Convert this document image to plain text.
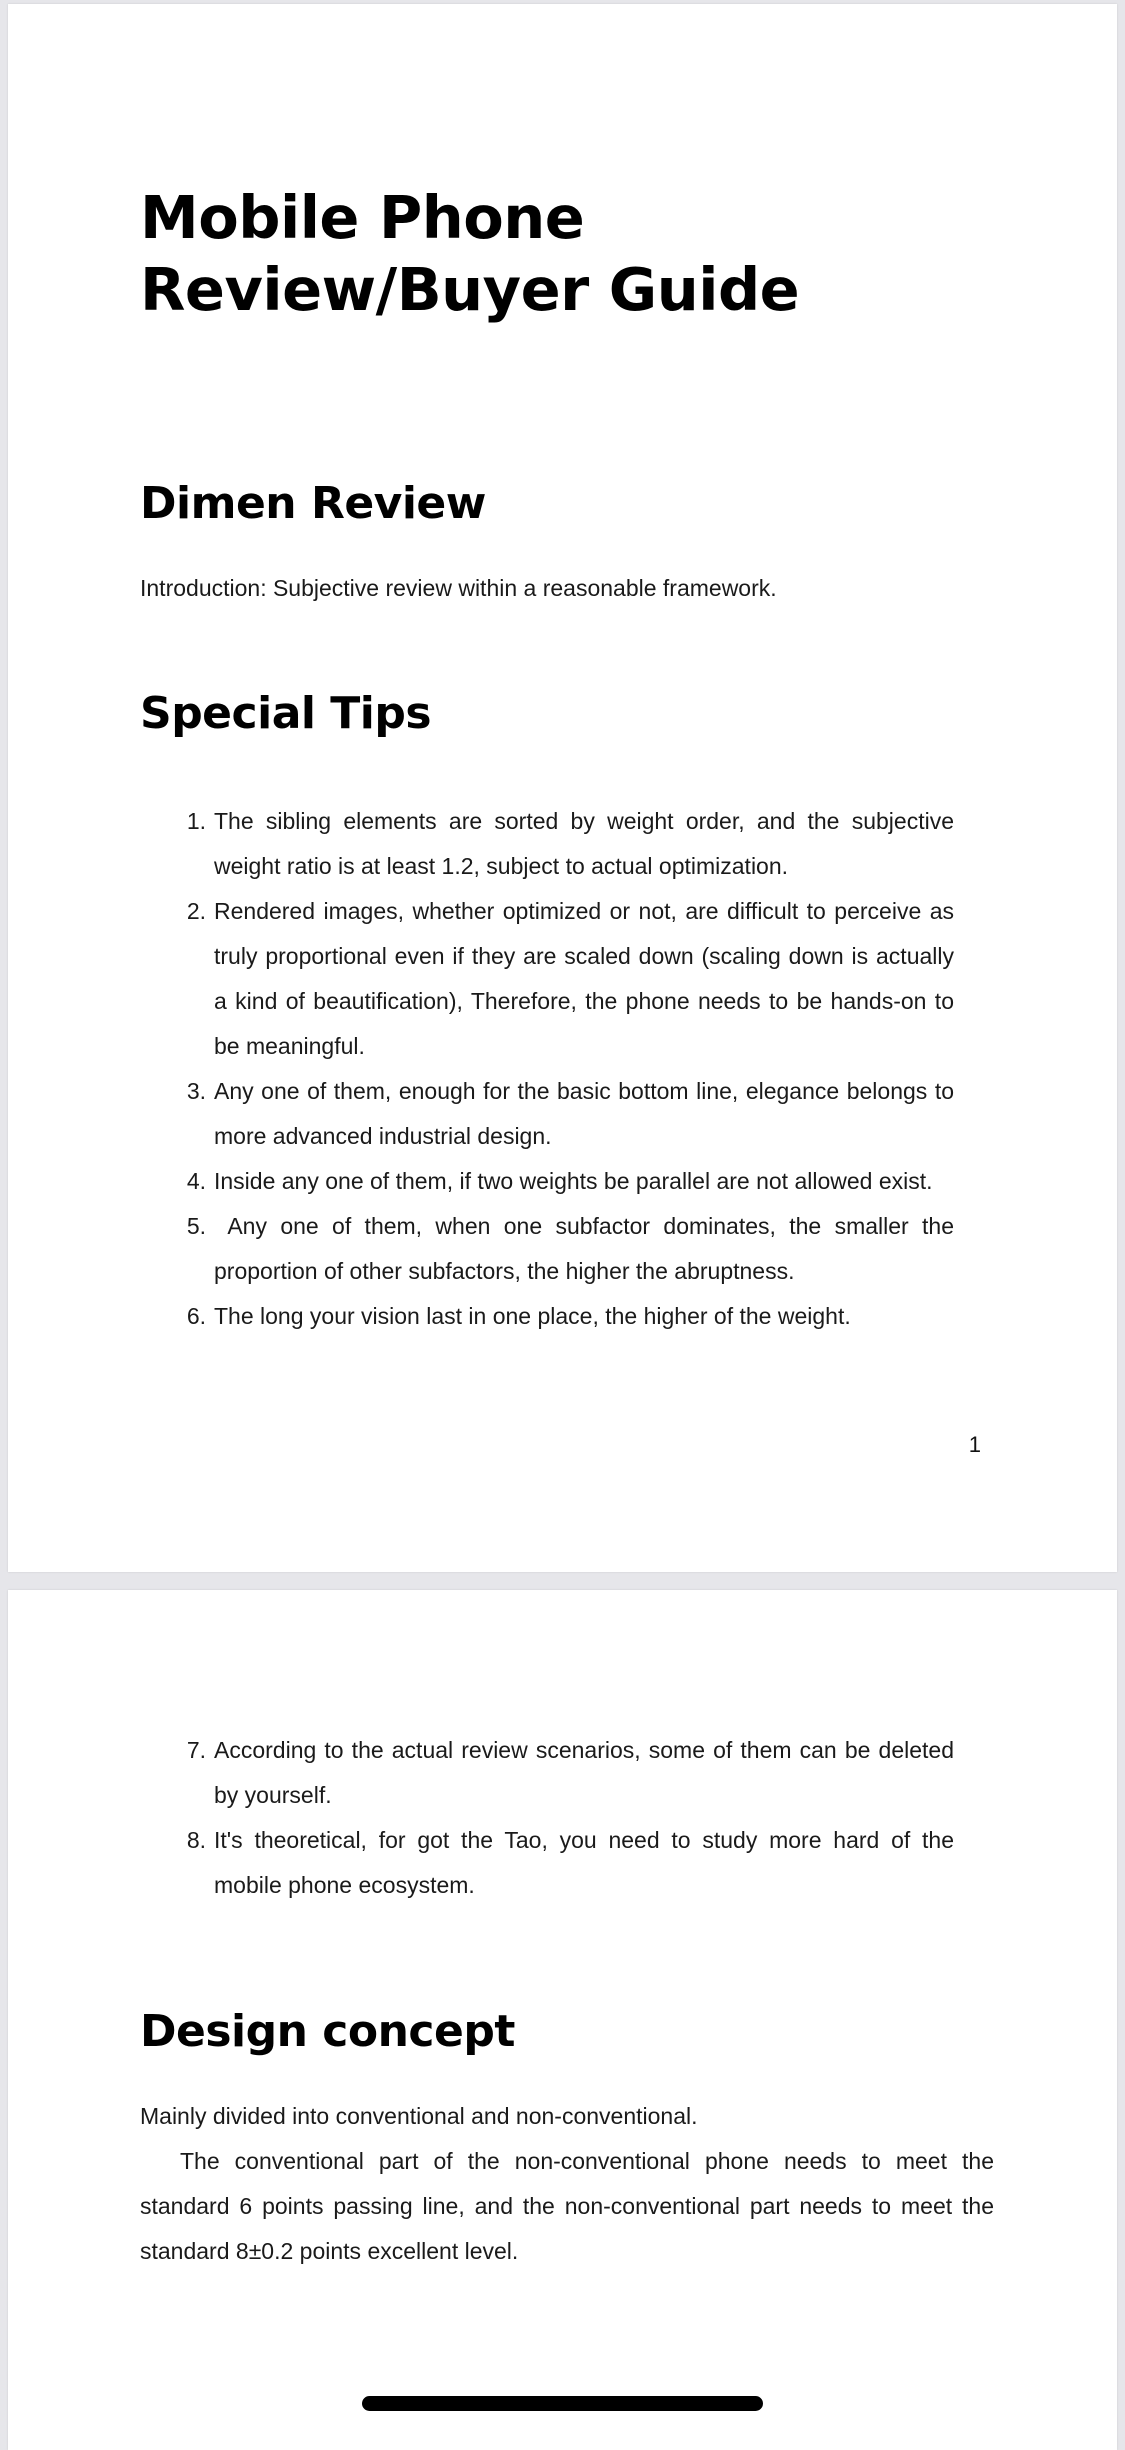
Mobile Phone Review/Buyer Guide
Dimen Review

Introduction: Subjective review within a reasonable framework.

Special Tips
1. The sibling elements are sorted by weight order, and the subjective weight ratio is at least 1.2, subject to actual optimization.
2. Rendered images, whether optimized or not, are difficult to perceive as truly proportional even if they are scaled down (scaling down is actually a kind of beautification), Therefore, the phone needs to be hands-on to be meaningful.
3. Any one of them, enough for the basic bottom line, elegance belongs to more advanced industrial design.
4. Inside any one of them, if two weights be parallel are not allowed exist.
5. Any one of them, when one subfactor dominates, the smaller the proportion of other subfactors, the higher the abruptness.
6. The long your vision last in one place, the higher of the weight.
1
7. According to the actual review scenarios, some of them can be deleted by yourself.
8. It's theoretical, for got the Tao, you need to study more hard of the mobile phone ecosystem.
Design concept

Mainly divided into conventional and non-conventional.

The conventional part of the non-conventional phone needs to meet the standard 6 points passing line, and the non-conventional part needs to meet the standard 8±0.2 points excellent level.
